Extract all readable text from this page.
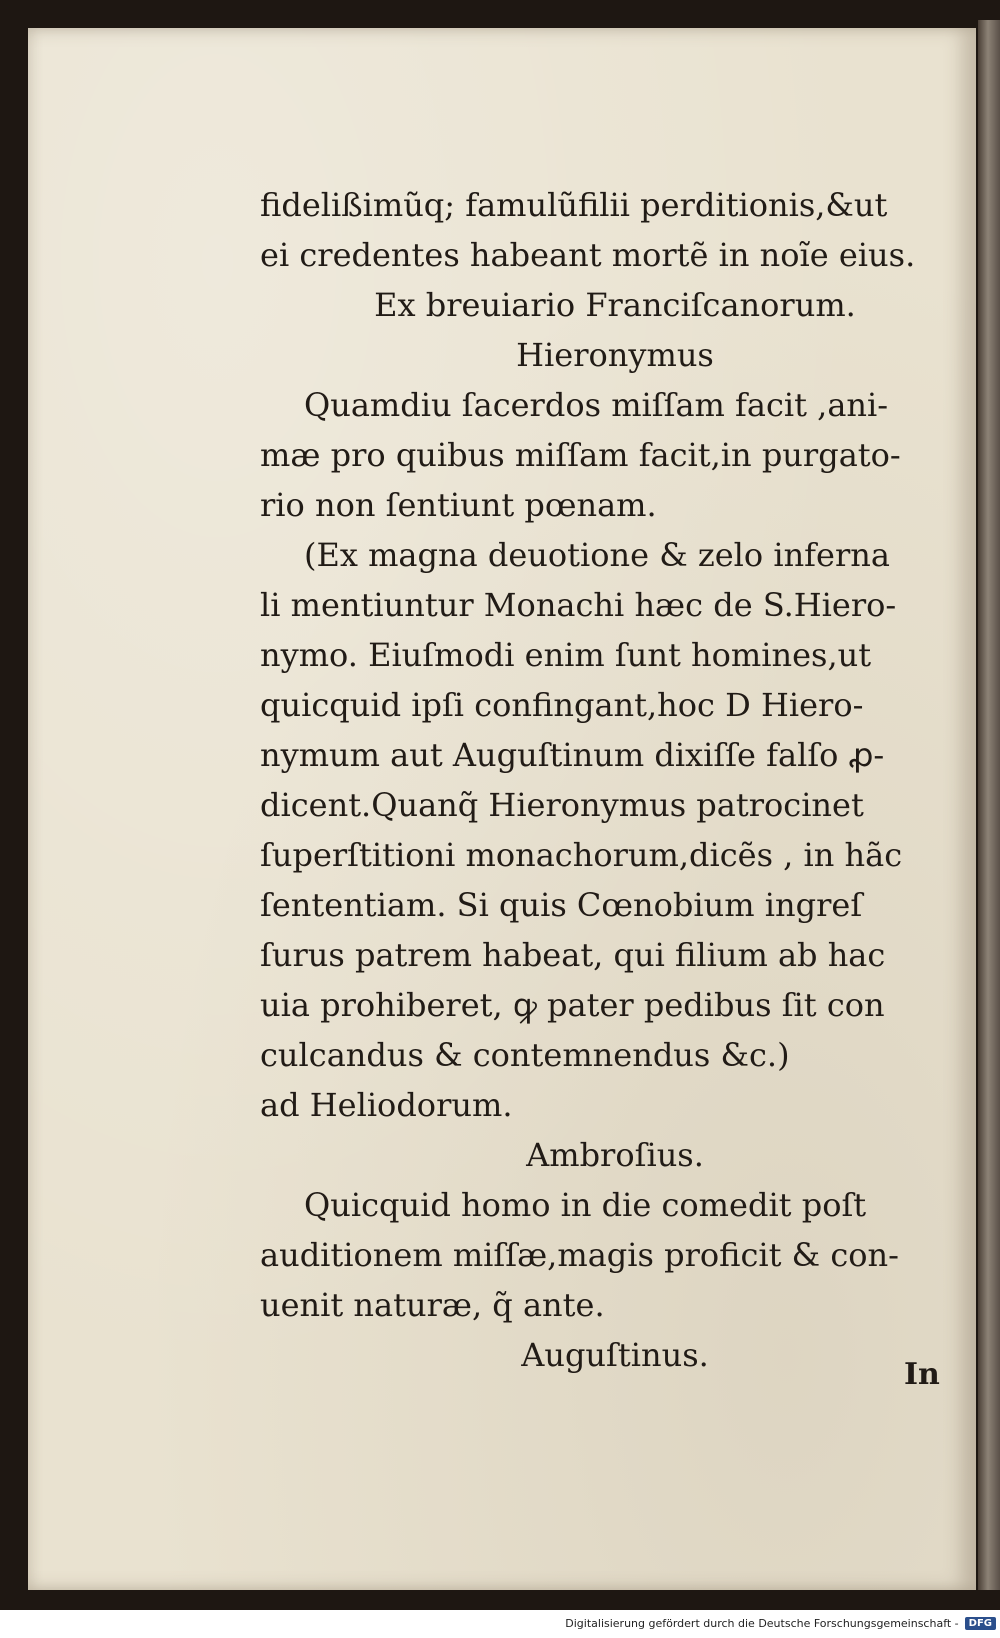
fidelißimũq; famulũfilii perditionis,&ut
ei credentes habeant mortẽ in noĩe eius.
Ex breuiario Franciſcanorum.
Hieronymus
Quamdiu ſacerdos miſſam facit ,ani-
mæ pro quibus miſſam facit,in purgato-
rio non ſentiunt pœnam.
(Ex magna deuotione & zelo inferna
li mentiuntur Monachi hæc de S.Hiero-
nymo. Eiuſmodi enim ſunt homines,ut
quicquid ipſi confingant,hoc D Hiero-
nymum aut Auguſtinum dixiſſe falſo ꝓ-
dicent.Quanq̃ Hieronymus patrocinet
ſuperſtitioni monachorum,dicẽs , in hãc
ſententiam. Si quis Cœnobium ingreſ
ſurus patrem habeat, qui filium ab hac
uia prohiberet, ꝙ pater pedibus ſit con
culcandus & contemnendus &c.)
ad Heliodorum.
Ambroſius.
Quicquid homo in die comedit poſt
auditionem miſſæ,magis proficit & con-
uenit naturæ, q̃ ante.
Auguſtinus.
In
Digitalisierung gefördert durch die Deutsche Forschungsgemeinschaft -	DFG
